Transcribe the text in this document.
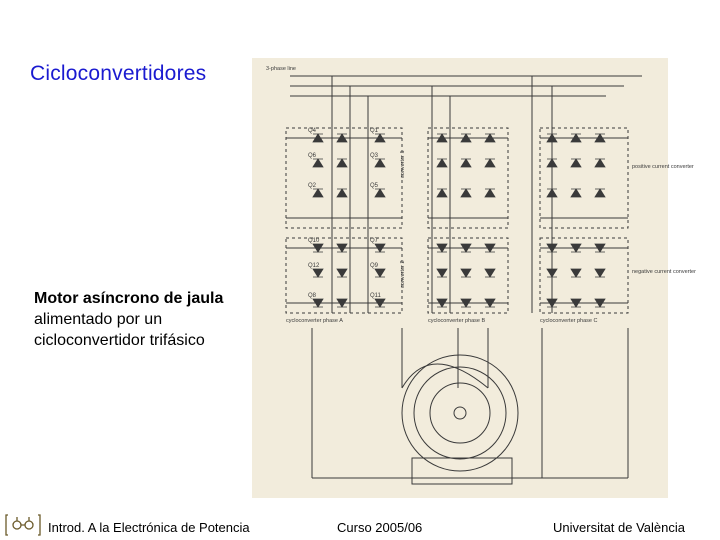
Cicloconvertidores
Motor asíncrono de jaula alimentado por un cicloconvertidor trifásico
Q4
Q6
Q2
Q10
Q12
Q8
Q1
Q3
Q5
Q7
Q9
Q11
3-phase line
converter 1
converter 2
positive current converter
negative current converter
cycloconverter phase A	cycloconverter phase B	cycloconverter phase C
Introd. A la Electrónica de Potencia	Curso 2005/06	Universitat de València
